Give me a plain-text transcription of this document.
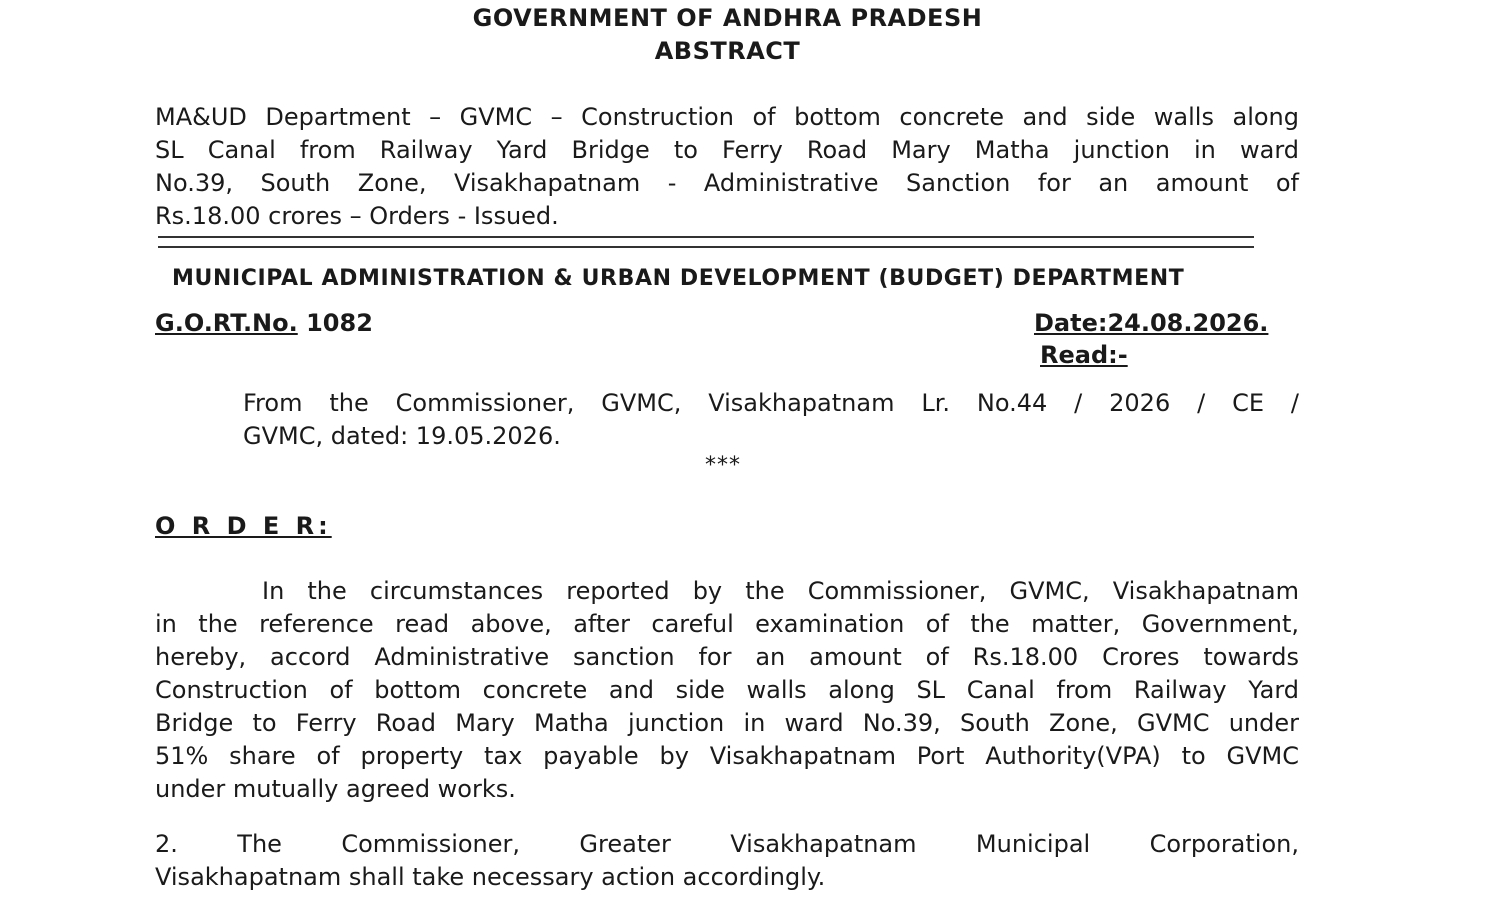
GOVERNMENT OF ANDHRA PRADESH
ABSTRACT
MA&UD Department – GVMC – Construction of bottom concrete and side walls along
SL Canal from Railway Yard Bridge to Ferry Road Mary Matha junction in ward
No.39, South Zone, Visakhapatnam - Administrative Sanction for an amount of
Rs.18.00 crores – Orders - Issued.
MUNICIPAL ADMINISTRATION & URBAN DEVELOPMENT (BUDGET) DEPARTMENT
G.O.RT.No. 1082	Date:24.08.2026.
Read:-
From the Commissioner, GVMC, Visakhapatnam Lr. No.44 / 2026 / CE /
GVMC, dated: 19.05.2026.
***
O R D E R:
In the circumstances reported by the Commissioner, GVMC, Visakhapatnam
in the reference read above, after careful examination of the matter, Government,
hereby, accord Administrative sanction for an amount of Rs.18.00 Crores towards
Construction of bottom concrete and side walls along SL Canal from Railway Yard
Bridge to Ferry Road Mary Matha junction in ward No.39, South Zone, GVMC under
51% share of property tax payable by Visakhapatnam Port Authority(VPA) to GVMC
under mutually agreed works.
2. The Commissioner, Greater Visakhapatnam Municipal Corporation,
Visakhapatnam shall take necessary action accordingly.
